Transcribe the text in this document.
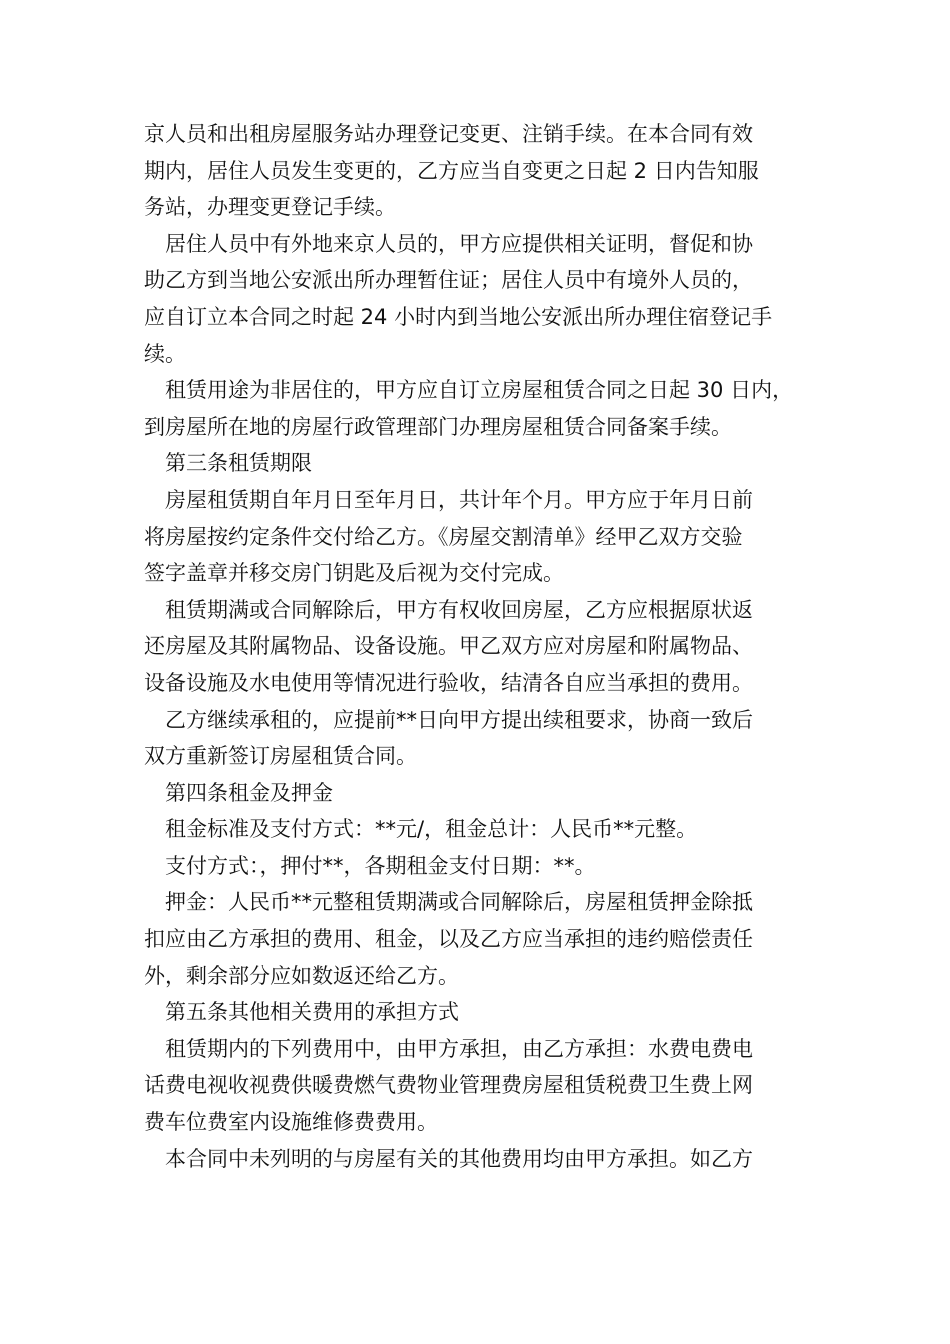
京人员和出租房屋服务站办理登记变更、注销手续。在本合同有效
期内，居住人员发生变更的，乙方应当自变更之日起 2 日内告知服
务站，办理变更登记手续。
居住人员中有外地来京人员的，甲方应提供相关证明，督促和协
助乙方到当地公安派出所办理暂住证；居住人员中有境外人员的，
应自订立本合同之时起 24 小时内到当地公安派出所办理住宿登记手
续。
租赁用途为非居住的，甲方应自订立房屋租赁合同之日起 30 日内，
到房屋所在地的房屋行政管理部门办理房屋租赁合同备案手续。
第三条租赁期限
房屋租赁期自年月日至年月日，共计年个月。甲方应于年月日前
将房屋按约定条件交付给乙方。《房屋交割清单》经甲乙双方交验
签字盖章并移交房门钥匙及后视为交付完成。
租赁期满或合同解除后，甲方有权收回房屋，乙方应根据原状返
还房屋及其附属物品、设备设施。甲乙双方应对房屋和附属物品、
设备设施及水电使用等情况进行验收，结清各自应当承担的费用。
乙方继续承租的，应提前**日向甲方提出续租要求，协商一致后
双方重新签订房屋租赁合同。
第四条租金及押金
租金标准及支付方式：**元/，租金总计：人民币**元整。
支付方式：，押付**，各期租金支付日期：**。
押金：人民币**元整租赁期满或合同解除后，房屋租赁押金除抵
扣应由乙方承担的费用、租金，以及乙方应当承担的违约赔偿责任
外，剩余部分应如数返还给乙方。
第五条其他相关费用的承担方式
租赁期内的下列费用中，由甲方承担，由乙方承担：水费电费电
话费电视收视费供暖费燃气费物业管理费房屋租赁税费卫生费上网
费车位费室内设施维修费费用。
本合同中未列明的与房屋有关的其他费用均由甲方承担。如乙方
